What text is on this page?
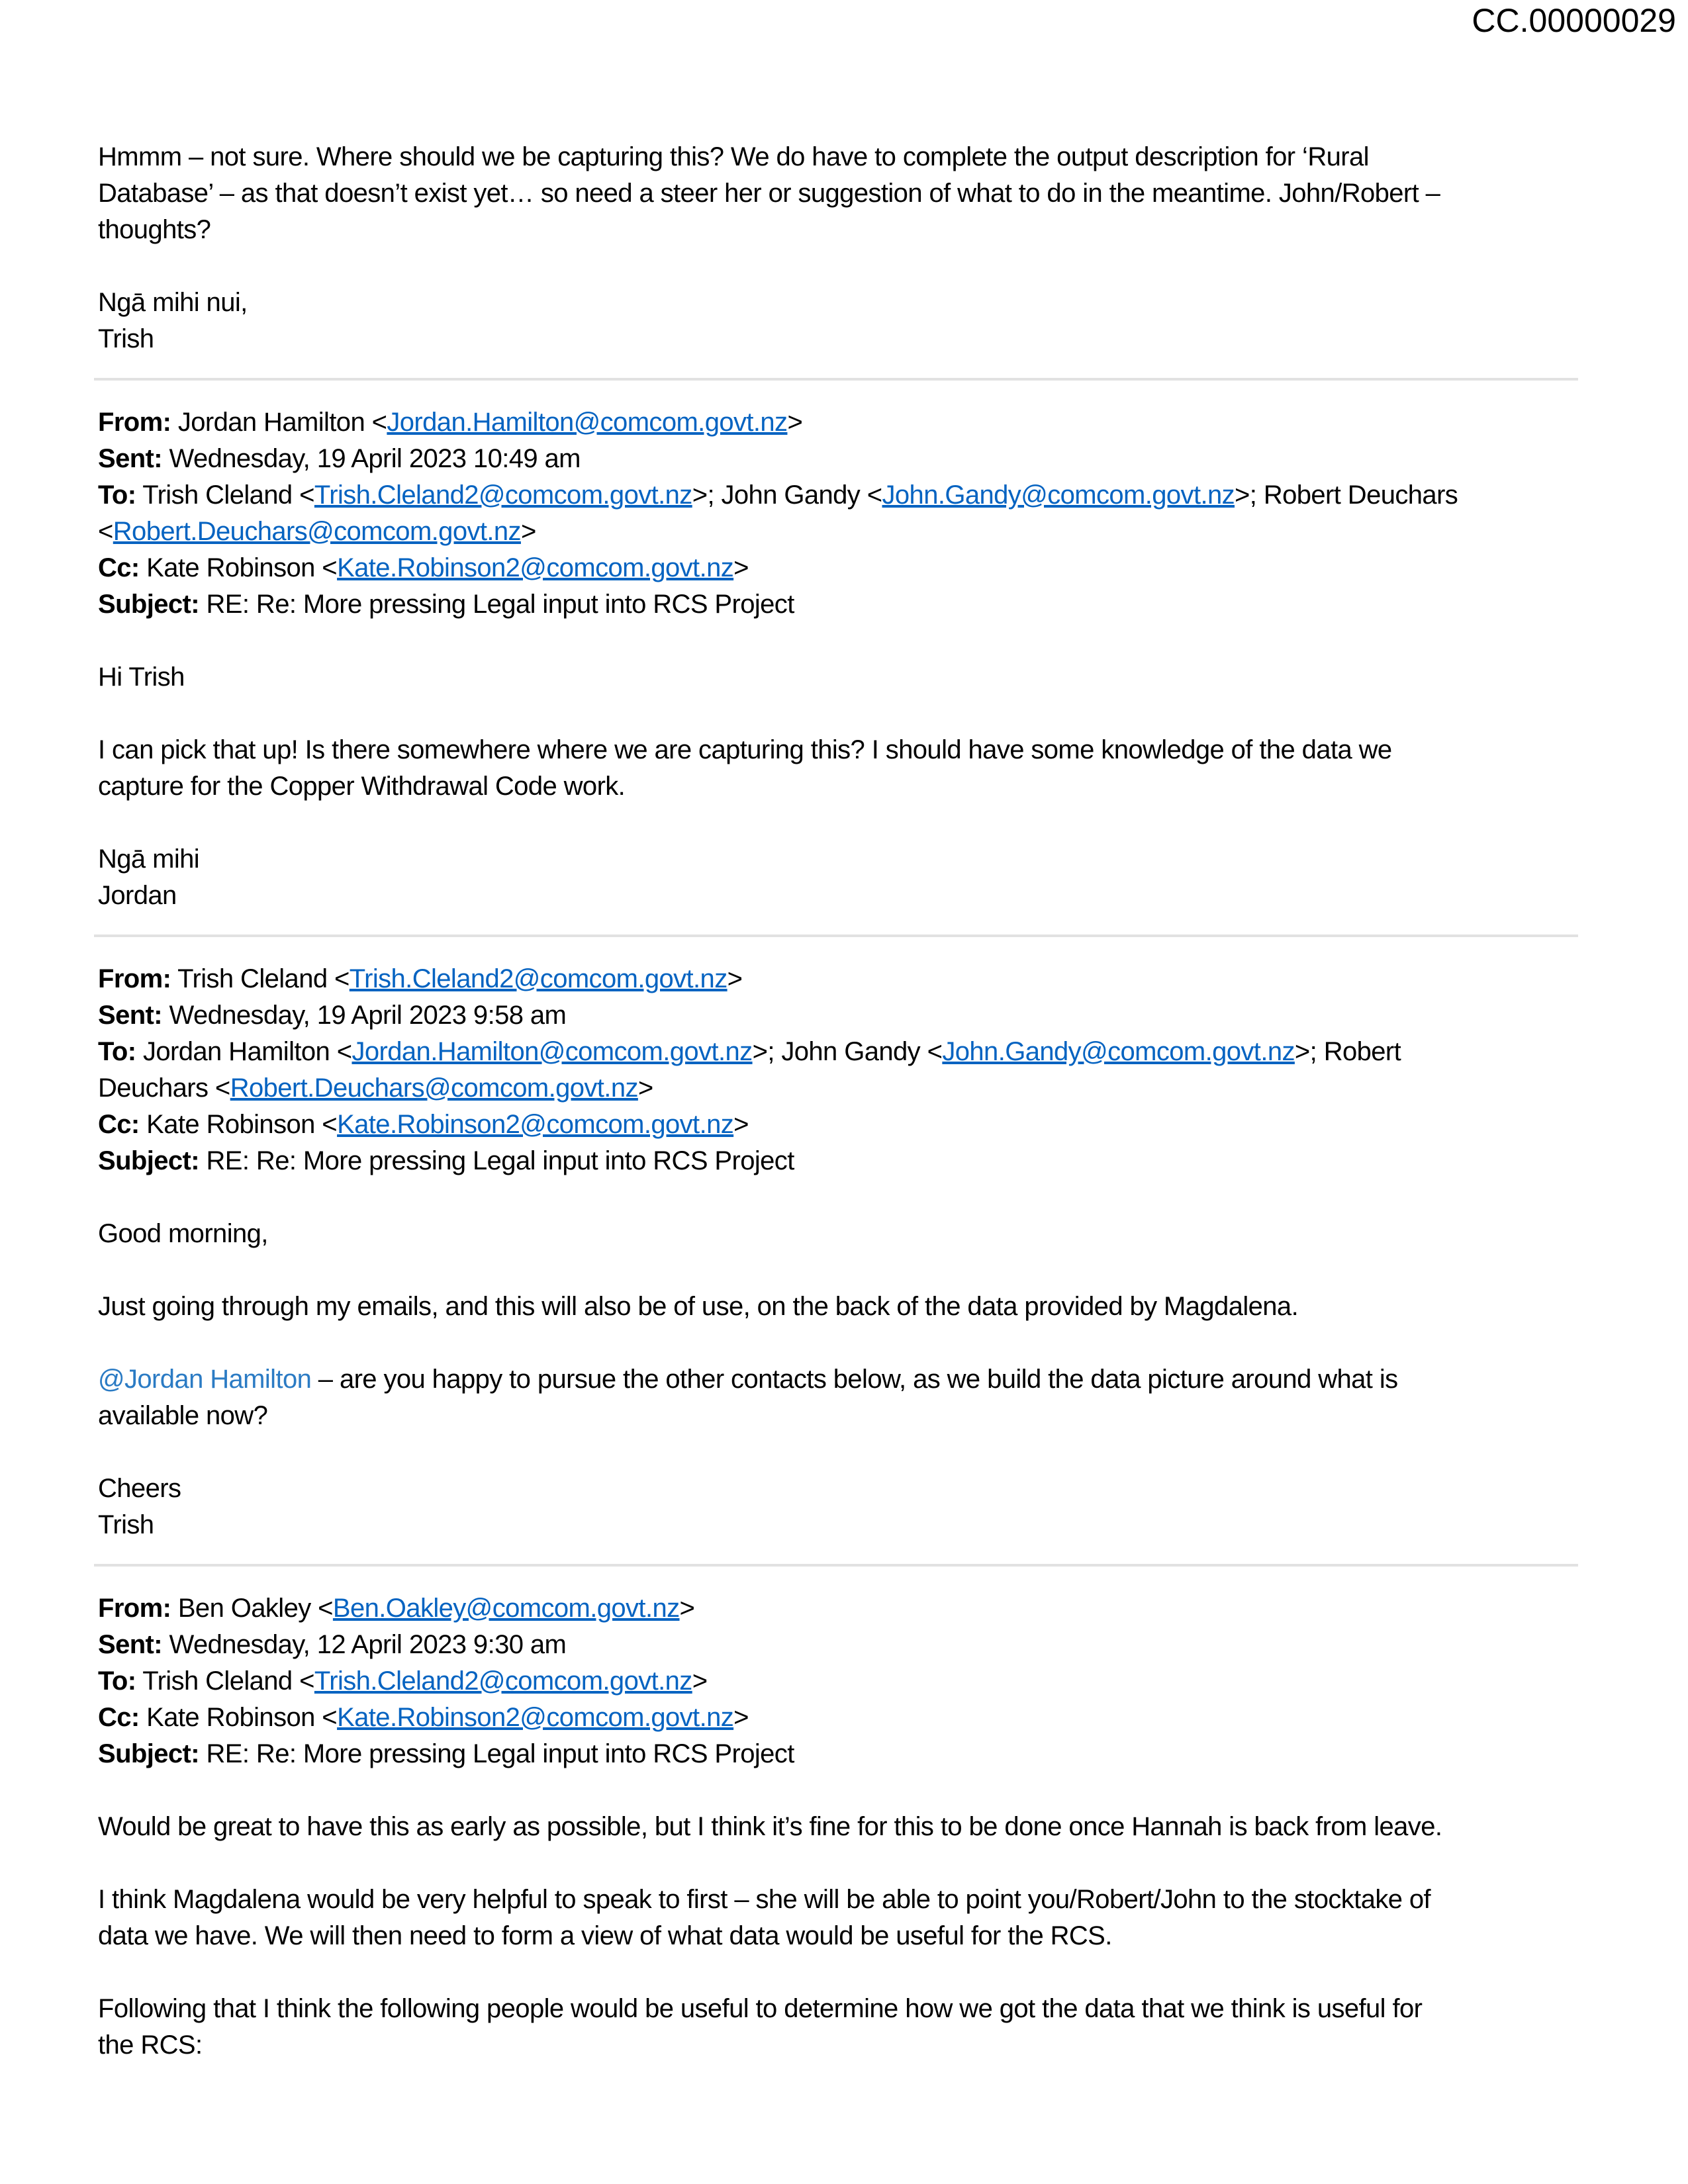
CC.00000029
Hmmm – not sure. Where should we be capturing this? We do have to complete the output description for ‘Rural
Database’ – as that doesn’t exist yet… so need a steer her or suggestion of what to do in the meantime. John/Robert –
thoughts?
Ngā mihi nui,
Trish
From: Jordan Hamilton <Jordan.Hamilton@comcom.govt.nz>
Sent: Wednesday, 19 April 2023 10:49 am
To: Trish Cleland <Trish.Cleland2@comcom.govt.nz>; John Gandy <John.Gandy@comcom.govt.nz>; Robert Deuchars
<Robert.Deuchars@comcom.govt.nz>
Cc: Kate Robinson <Kate.Robinson2@comcom.govt.nz>
Subject: RE: Re: More pressing Legal input into RCS Project
Hi Trish
I can pick that up! Is there somewhere where we are capturing this? I should have some knowledge of the data we
capture for the Copper Withdrawal Code work.
Ngā mihi
Jordan
From: Trish Cleland <Trish.Cleland2@comcom.govt.nz>
Sent: Wednesday, 19 April 2023 9:58 am
To: Jordan Hamilton <Jordan.Hamilton@comcom.govt.nz>; John Gandy <John.Gandy@comcom.govt.nz>; Robert
Deuchars <Robert.Deuchars@comcom.govt.nz>
Cc: Kate Robinson <Kate.Robinson2@comcom.govt.nz>
Subject: RE: Re: More pressing Legal input into RCS Project
Good morning,
Just going through my emails, and this will also be of use, on the back of the data provided by Magdalena.
@Jordan Hamilton – are you happy to pursue the other contacts below, as we build the data picture around what is
available now?
Cheers
Trish
From: Ben Oakley <Ben.Oakley@comcom.govt.nz>
Sent: Wednesday, 12 April 2023 9:30 am
To: Trish Cleland <Trish.Cleland2@comcom.govt.nz>
Cc: Kate Robinson <Kate.Robinson2@comcom.govt.nz>
Subject: RE: Re: More pressing Legal input into RCS Project
Would be great to have this as early as possible, but I think it’s fine for this to be done once Hannah is back from leave.
I think Magdalena would be very helpful to speak to first – she will be able to point you/Robert/John to the stocktake of
data we have. We will then need to form a view of what data would be useful for the RCS.
Following that I think the following people would be useful to determine how we got the data that we think is useful for
the RCS:
